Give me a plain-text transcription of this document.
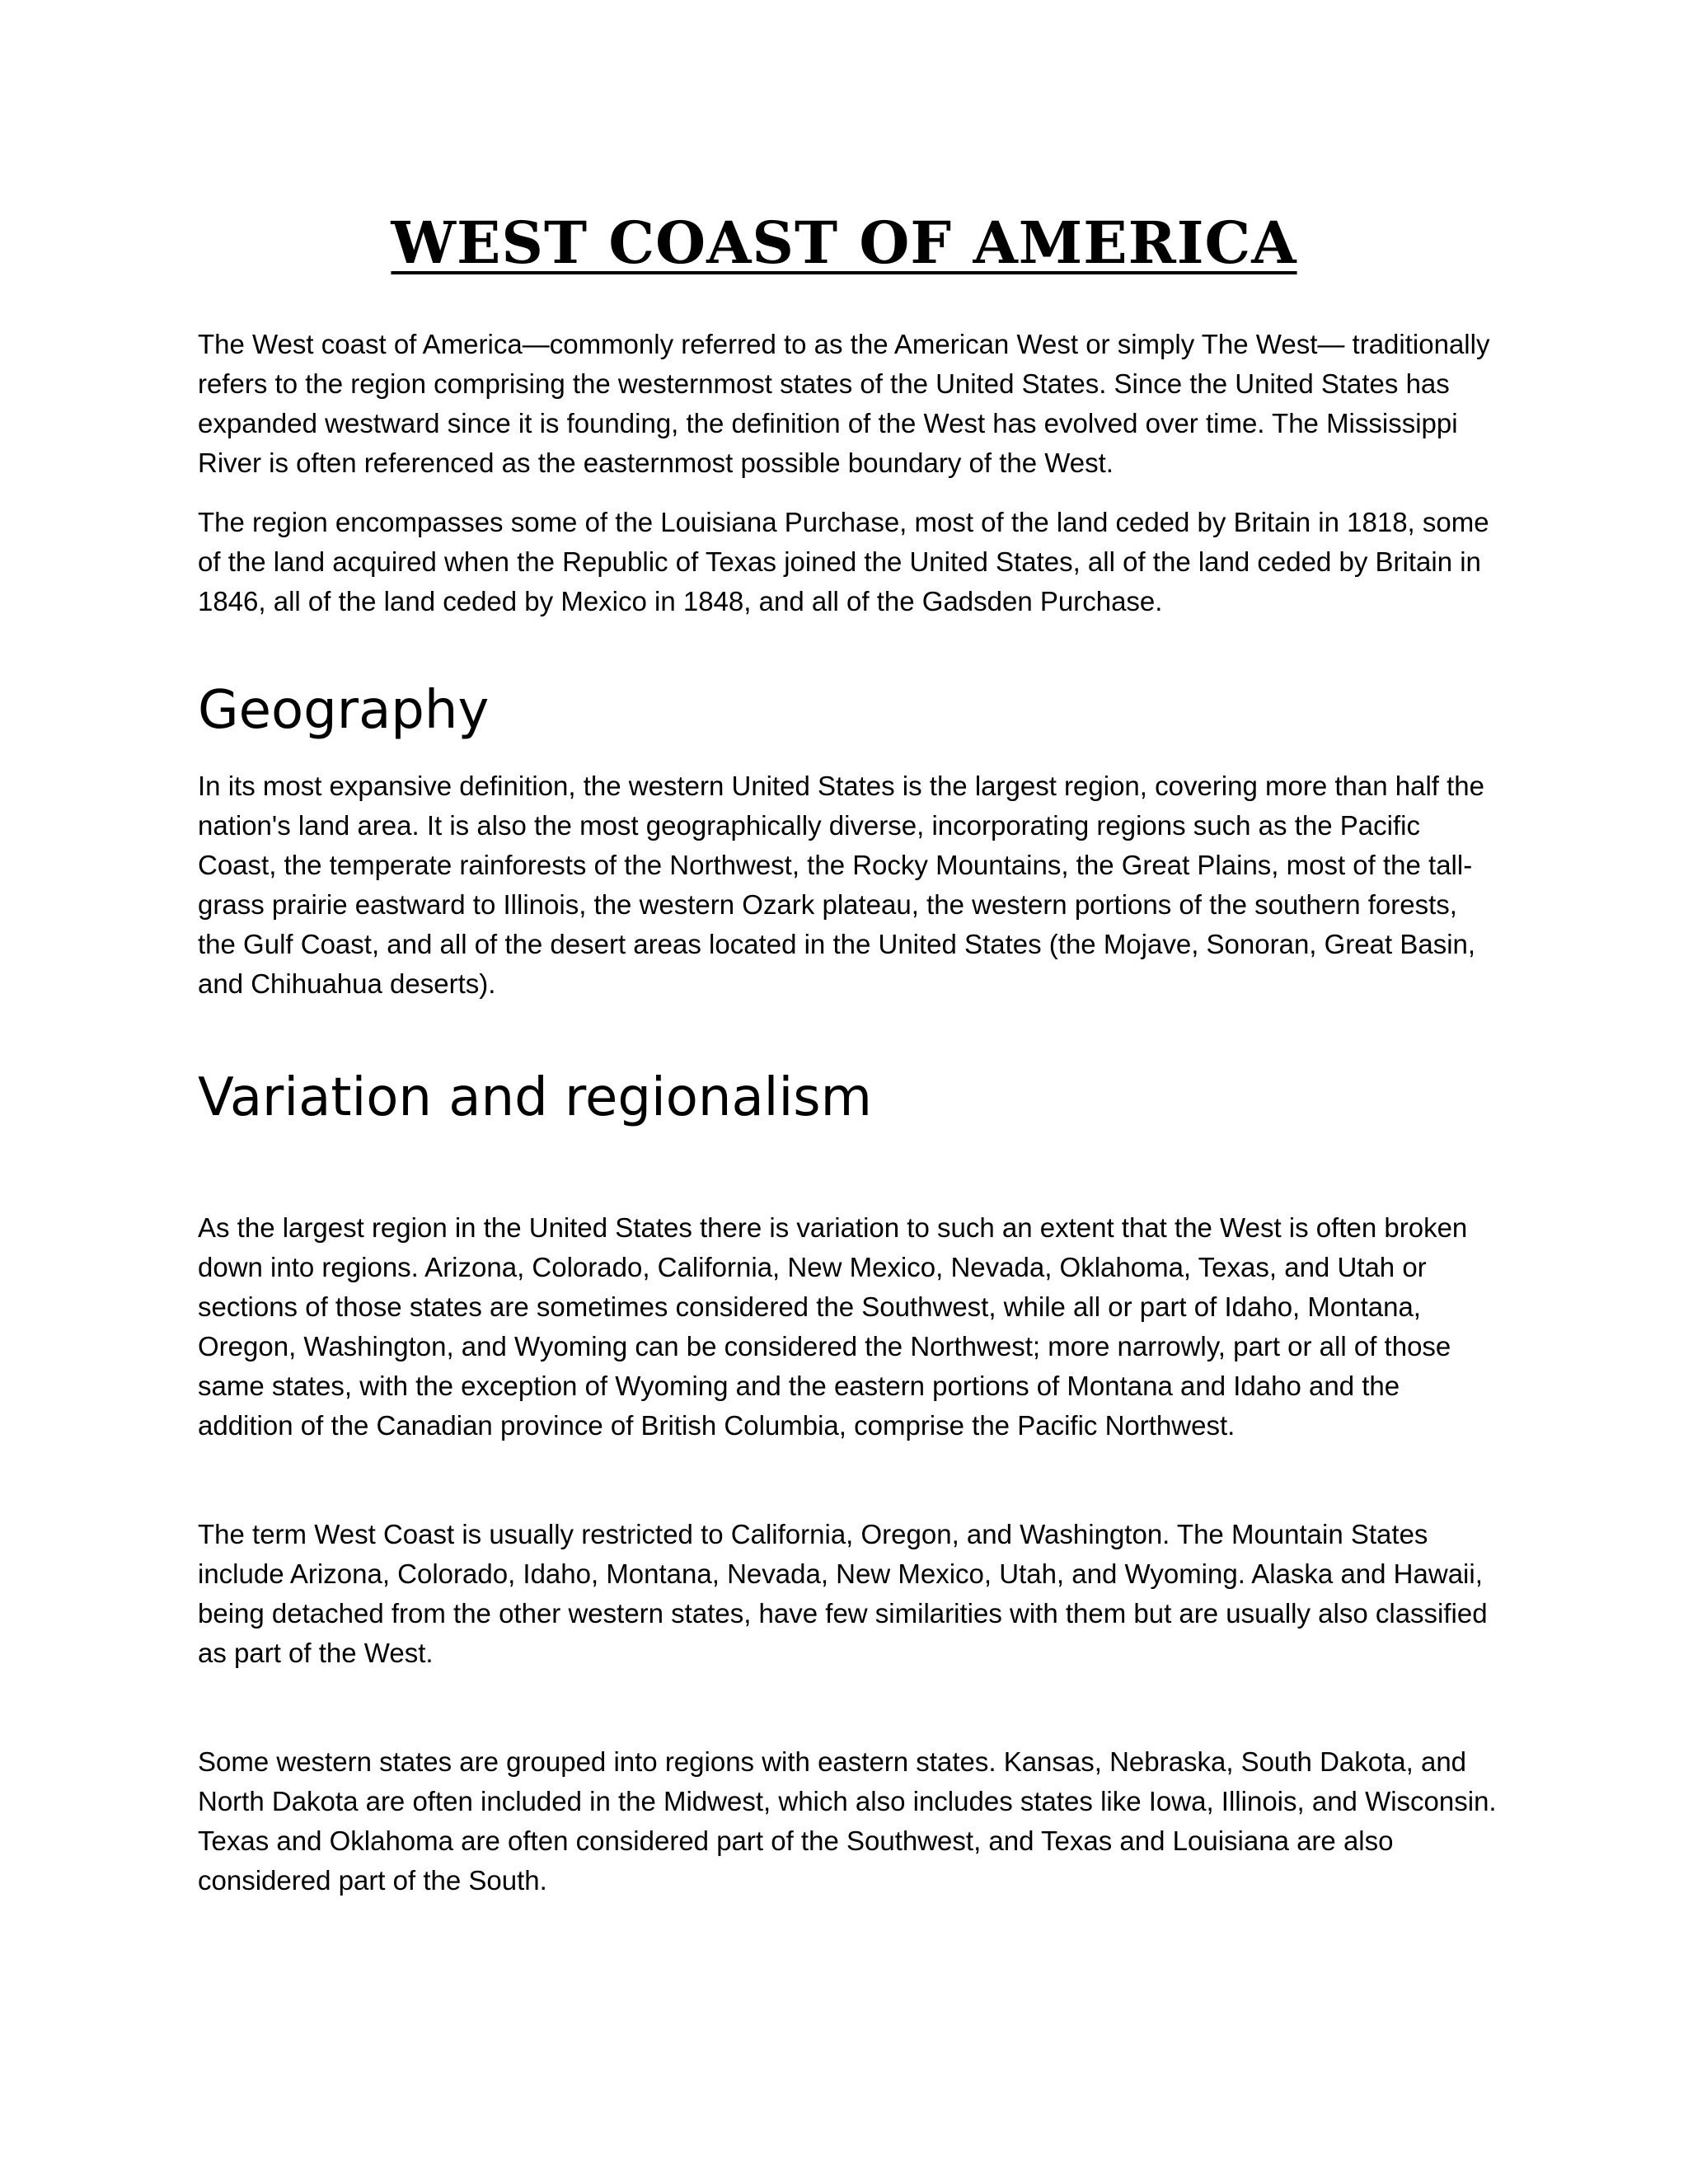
WEST COAST OF AMERICA

The West coast of America—commonly referred to as the American West or simply The West— traditionally refers to the region comprising the westernmost states of the United States. Since the United States has expanded westward since it is founding, the definition of the West has evolved over time. The Mississippi River is often referenced as the easternmost possible boundary of the West.

The region encompasses some of the Louisiana Purchase, most of the land ceded by Britain in 1818, some of the land acquired when the Republic of Texas joined the United States, all of the land ceded by Britain in 1846, all of the land ceded by Mexico in 1848, and all of the Gadsden Purchase.

Geography

In its most expansive definition, the western United States is the largest region, covering more than half the nation's land area. It is also the most geographically diverse, incorporating regions such as the Pacific Coast, the temperate rainforests of the Northwest, the Rocky Mountains, the Great Plains, most of the tall-grass prairie eastward to Illinois, the western Ozark plateau, the western portions of the southern forests, the Gulf Coast, and all of the desert areas located in the United States (the Mojave, Sonoran, Great Basin, and Chihuahua deserts).

Variation and regionalism

As the largest region in the United States there is variation to such an extent that the West is often broken down into regions. Arizona, Colorado, California, New Mexico, Nevada, Oklahoma, Texas, and Utah or sections of those states are sometimes considered the Southwest, while all or part of Idaho, Montana, Oregon, Washington, and Wyoming can be considered the Northwest; more narrowly, part or all of those same states, with the exception of Wyoming and the eastern portions of Montana and Idaho and the addition of the Canadian province of British Columbia, comprise the Pacific Northwest.

The term West Coast is usually restricted to California, Oregon, and Washington. The Mountain States include Arizona, Colorado, Idaho, Montana, Nevada, New Mexico, Utah, and Wyoming. Alaska and Hawaii, being detached from the other western states, have few similarities with them but are usually also classified as part of the West.

Some western states are grouped into regions with eastern states. Kansas, Nebraska, South Dakota, and North Dakota are often included in the Midwest, which also includes states like Iowa, Illinois, and Wisconsin. Texas and Oklahoma are often considered part of the Southwest, and Texas and Louisiana are also considered part of the South.
